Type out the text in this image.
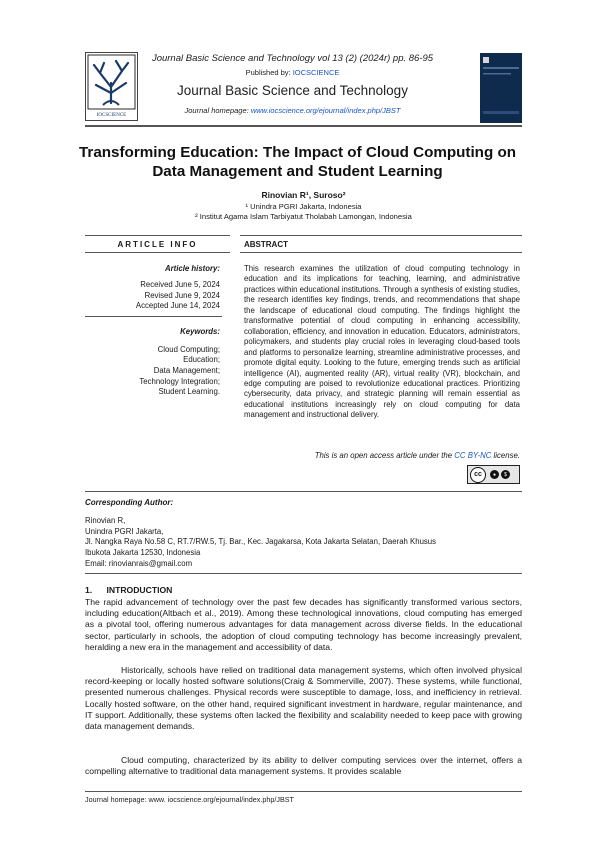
IOCSCIENCE
Journal Basic Science and Technology vol 13 (2) (2024r) pp. 86-95
Published by: IOCSCIENCE
Journal Basic Science and Technology
Journal homepage: www.iocscience.org/ejournal/index.php/JBST
Transforming Education: The Impact of Cloud Computing on Data Management and Student Learning
Rinovian R¹, Suroso²
¹ Unindra PGRI Jakarta, Indonesia
² Institut Agama Islam Tarbiyatut Tholabah Lamongan, Indonesia
ARTICLE INFO	ABSTRACT
Article history:
Received June 5, 2024
Revised June 9, 2024
Accepted June 14, 2024
Keywords:
Cloud Computing;
Education;
Data Management;
Technology Integration;
Student Learning.
This research examines the utilization of cloud computing technology in education and its implications for teaching, learning, and administrative practices within educational institutions. Through a synthesis of existing studies, the research identifies key findings, trends, and recommendations that shape the landscape of educational cloud computing. The findings highlight the transformative potential of cloud computing in enhancing accessibility, collaboration, efficiency, and innovation in education. Educators, administrators, policymakers, and students play crucial roles in leveraging cloud-based tools and platforms to personalize learning, streamline administrative processes, and promote digital equity. Looking to the future, emerging trends such as artificial intelligence (AI), augmented reality (AR), virtual reality (VR), blockchain, and edge computing are poised to revolutionize educational practices. Prioritizing cybersecurity, data privacy, and strategic planning will remain essential as educational institutions increasingly rely on cloud computing for data management and instructional delivery.
This is an open access article under the CC BY-NC license.
cc	●	$
Corresponding Author:
Rinovian R,
Unindra PGRI Jakarta,
Jl. Nangka Raya No.58 C, RT.7/RW.5, Tj. Bar., Kec. Jagakarsa, Kota Jakarta Selatan, Daerah Khusus
Ibukota Jakarta 12530, Indonesia
Email: rinovianrais@gmail.com
1.      INTRODUCTION
The rapid advancement of technology over the past few decades has significantly transformed various sectors, including education(Altbach et al., 2019). Among these technological innovations, cloud computing has emerged as a pivotal tool, offering numerous advantages for data management across diverse fields. In the educational sector, particularly in schools, the adoption of cloud computing technology has become increasingly prevalent, heralding a new era in the management and accessibility of data.
Historically, schools have relied on traditional data management systems, which often involved physical record-keeping or locally hosted software solutions(Craig & Sommerville, 2007). These systems, while functional, presented numerous challenges. Physical records were susceptible to damage, loss, and inefficiency in retrieval. Locally hosted software, on the other hand, required significant investment in hardware, regular maintenance, and IT support. Additionally, these systems often lacked the flexibility and scalability needed to keep pace with growing data management demands.
Cloud computing, characterized by its ability to deliver computing services over the internet, offers a compelling alternative to traditional data management systems. It provides scalable
Journal homepage: www. iocscience.org/ejournal/index.php/JBST
